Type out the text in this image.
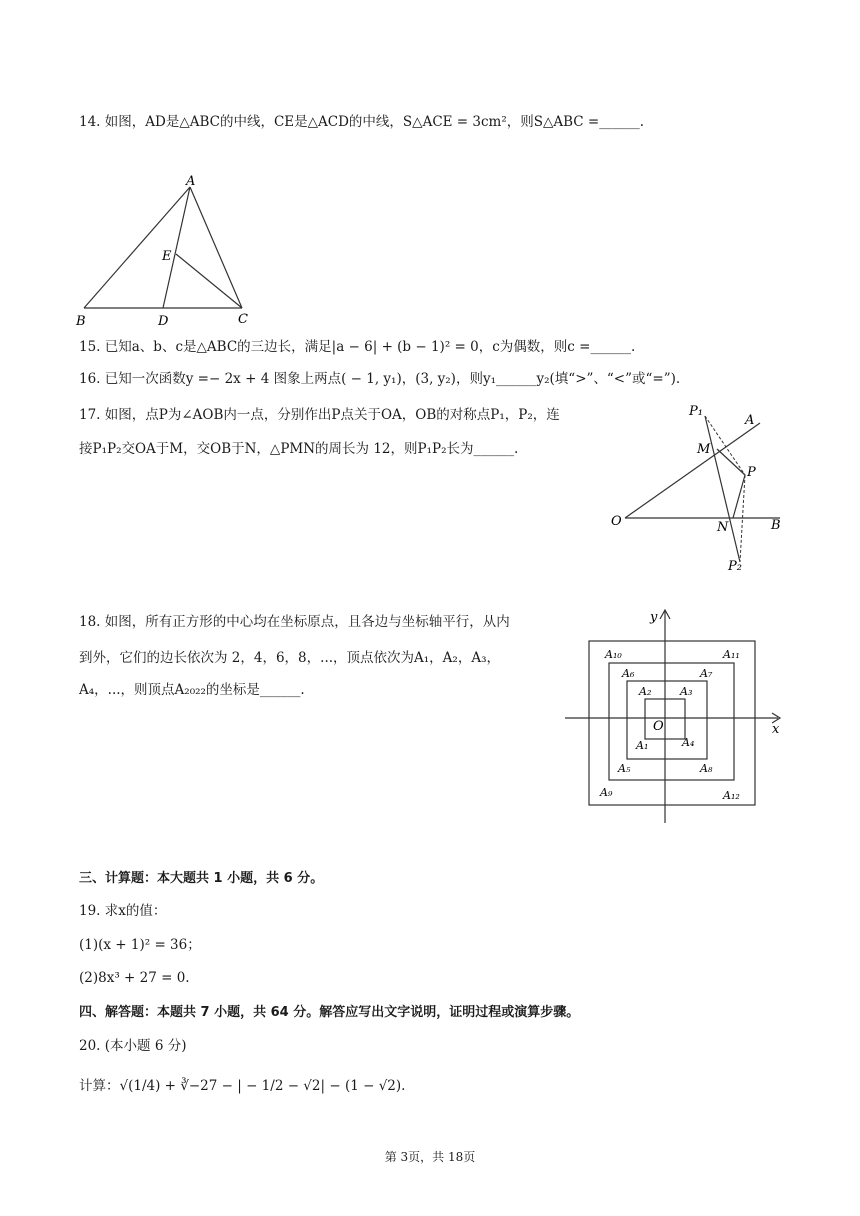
14. 如图，AD是△ABC的中线，CE是△ACD的中线，S△ACE = 3cm²，则S△ABC =______.
A
E
B	D	C
15. 已知a、b、c是△ABC的三边长，满足|a − 6| + (b − 1)² = 0，c为偶数，则c =______.
16. 已知一次函数y =− 2x + 4 图象上两点( − 1, y₁)，(3, y₂)，则y₁______y₂(填“>”、“<”或“=”).
17. 如图，点P为∠AOB内一点，分别作出P点关于OA，OB的对称点P₁，P₂，连
接P₁P₂交OA于M，交OB于N，△PMN的周长为 12，则P₁P₂长为______.
P₁
A
M
P
O	N	B
P₂
18. 如图，所有正方形的中心均在坐标原点，且各边与坐标轴平行，从内
到外，它们的边长依次为 2，4，6，8，...，顶点依次为A₁，A₂，A₃，
A₄，...，则顶点A₂₀₂₂的坐标是______.
y
x
O
A₁
A₂	A₃
A₄
A₅
A₆	A₇
A₈
A₉
A₁₀	A₁₁
A₁₂
三、计算题：本大题共 1 小题，共 6 分。
19. 求x的值：
(1)(x + 1)² = 36；
(2)8x³ + 27 = 0.
四、解答题：本题共 7 小题，共 64 分。解答应写出文字说明，证明过程或演算步骤。
20. (本小题 6 分)
计算：√(1/4) + ∛−27 − | − 1/2 − √2| − (1 − √2).
第 3页，共 18页
